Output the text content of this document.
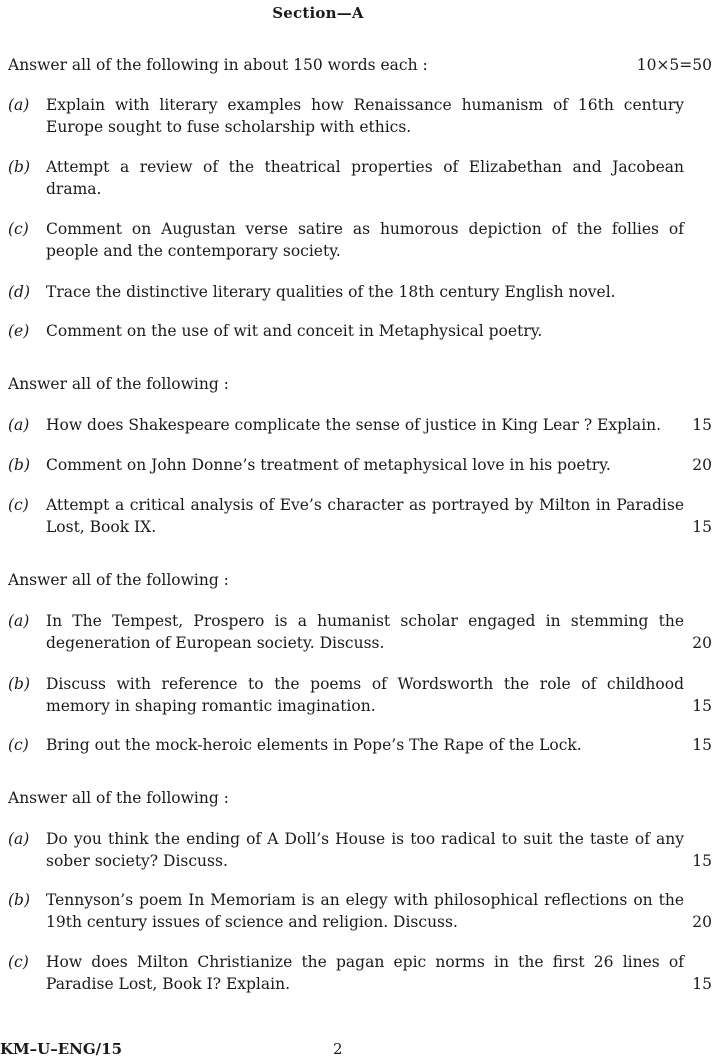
Section—A
Answer all of the following in about 150 words each :	10×5=50
(a)	Explain with literary examples how Renaissance humanism of 16th century Europe sought to fuse scholarship with ethics.
(b)	Attempt a review of the theatrical properties of Elizabethan and Jacobean drama.
(c)	Comment on Augustan verse satire as humorous depiction of the follies of people and the contemporary society.
(d)	Trace the distinctive literary qualities of the 18th century English novel.
(e)	Comment on the use of wit and conceit in Metaphysical poetry.
Answer all of the following :
(a)	How does Shakespeare complicate the sense of justice in King Lear ? Explain.	15
(b)	Comment on John Donne’s treatment of metaphysical love in his poetry.	20
(c)	Attempt a critical analysis of Eve’s character as portrayed by Milton in Paradise Lost, Book IX.	15
Answer all of the following :
(a)	In The Tempest, Prospero is a humanist scholar engaged in stemming the degeneration of European society. Discuss.	20
(b)	Discuss with reference to the poems of Wordsworth the role of childhood memory in shaping romantic imagination.	15
(c)	Bring out the mock-heroic elements in Pope’s The Rape of the Lock.	15
Answer all of the following :
(a)	Do you think the ending of A Doll’s House is too radical to suit the taste of any sober society? Discuss.	15
(b)	Tennyson’s poem In Memoriam is an elegy with philosophical reflections on the 19th century issues of science and religion. Discuss.	20
(c)	How does Milton Christianize the pagan epic norms in the first 26 lines of Paradise Lost, Book I? Explain.	15
KM–U–ENG/15	2
